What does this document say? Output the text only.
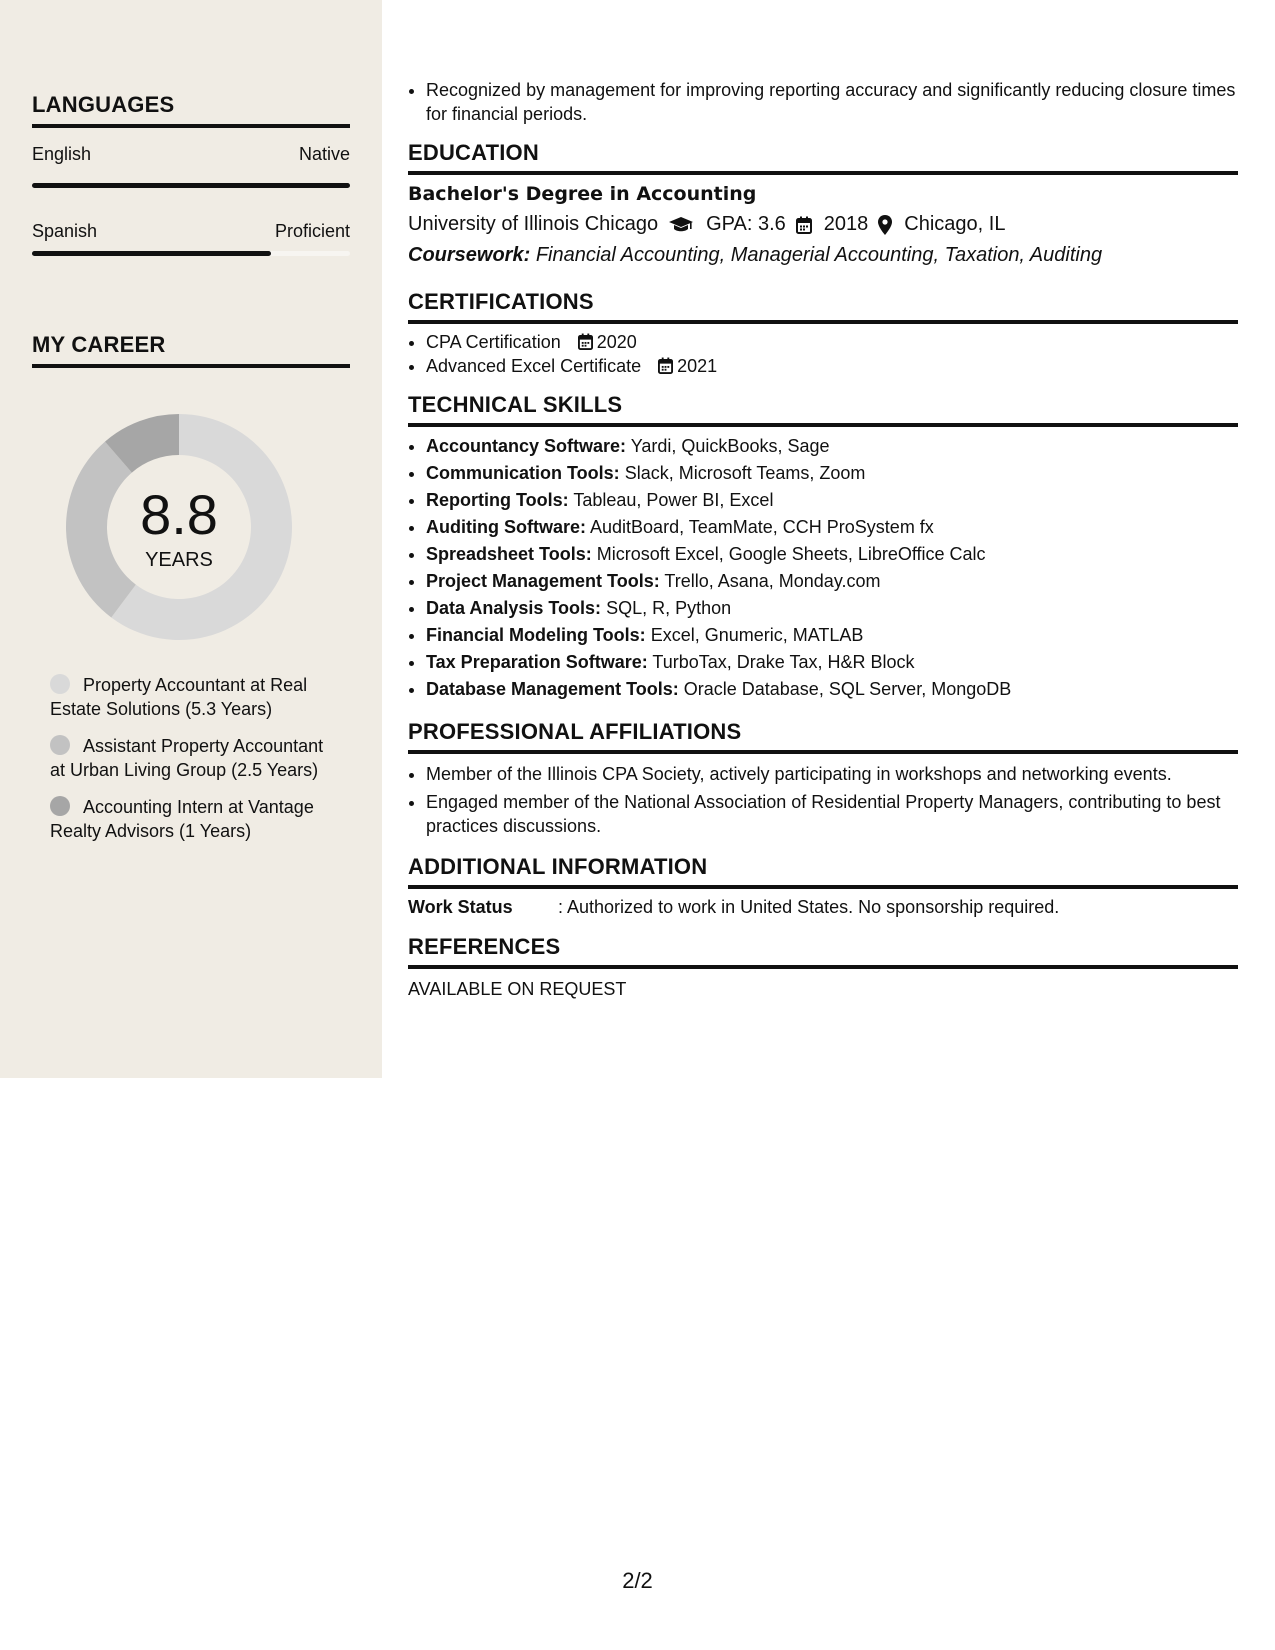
LANGUAGES
English	Native
Spanish	Proficient
MY CAREER
8.8
YEARS
Property Accountant at Real Estate Solutions (5.3 Years)
Assistant Property Accountant at Urban Living Group (2.5 Years)
Accounting Intern at Vantage Realty Advisors (1 Years)
• Recognized by management for improving reporting accuracy and significantly reducing closure times for financial periods.
EDUCATION
Bachelor's Degree in Accounting
University of Illinois Chicago GPA: 3.6 2018 Chicago, IL
Coursework: Financial Accounting, Managerial Accounting, Taxation, Auditing
CERTIFICATIONS
• CPA Certification 2020
• Advanced Excel Certificate 2021
TECHNICAL SKILLS
• Accountancy Software: Yardi, QuickBooks, Sage
• Communication Tools: Slack, Microsoft Teams, Zoom
• Reporting Tools: Tableau, Power BI, Excel
• Auditing Software: AuditBoard, TeamMate, CCH ProSystem fx
• Spreadsheet Tools: Microsoft Excel, Google Sheets, LibreOffice Calc
• Project Management Tools: Trello, Asana, Monday.com
• Data Analysis Tools: SQL, R, Python
• Financial Modeling Tools: Excel, Gnumeric, MATLAB
• Tax Preparation Software: TurboTax, Drake Tax, H&R Block
• Database Management Tools: Oracle Database, SQL Server, MongoDB
PROFESSIONAL AFFILIATIONS
• Member of the Illinois CPA Society, actively participating in workshops and networking events.
• Engaged member of the National Association of Residential Property Managers, contributing to best practices discussions.
ADDITIONAL INFORMATION
Work Status	: Authorized to work in United States. No sponsorship required.
REFERENCES
AVAILABLE ON REQUEST
2/2
